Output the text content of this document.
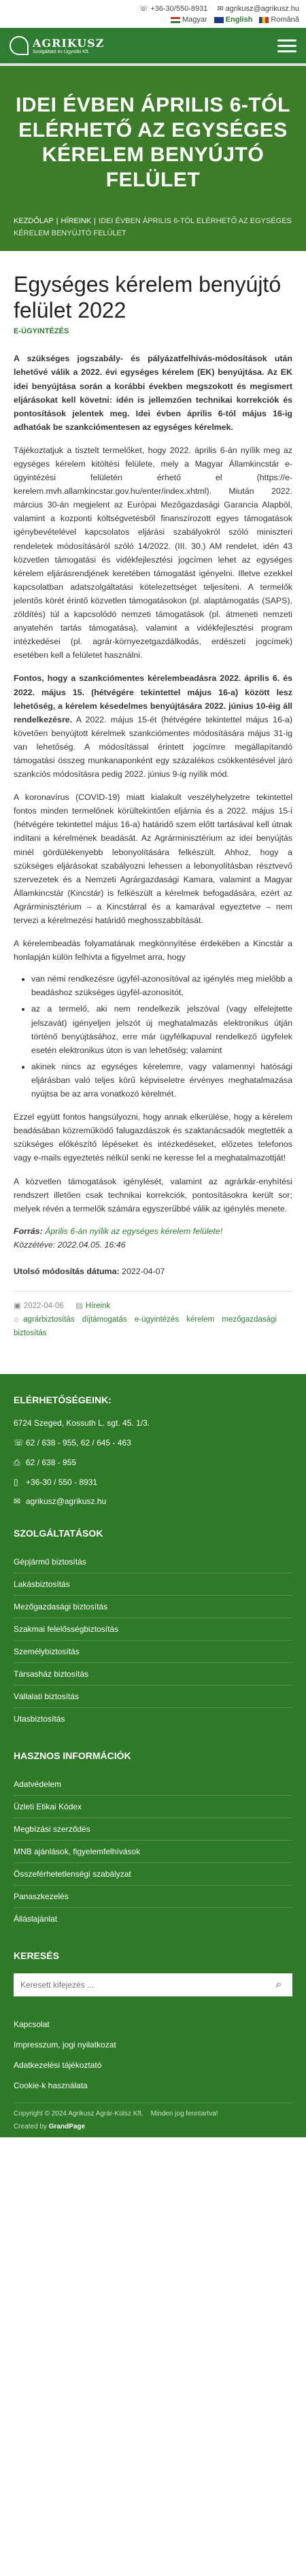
☏ +36-30/550-8931 ✉ agrikusz@agrikusz.hu
Magyar	English	Română
AGRIKUSZ
Szolgáltató és Ügynöki Kft.
IDEI ÉVBEN ÁPRILIS 6-TÓL ELÉRHETŐ AZ EGYSÉGES KÉRELEM BENYÚJTÓ FELÜLET
KEZDŐLAP | HÍREINK | IDEI ÉVBEN ÁPRILIS 6-TÓL ELÉRHETŐ AZ EGYSÉGES KÉRELEM BENYÚJTÓ FELÜLET
Egységes kérelem benyújtó felület 2022
E-ÜGYINTÉZÉS

A szükséges jogszabály- és pályázatfelhívás-módosítások után lehetővé válik a 2022. évi egységes kérelem (EK) benyújtása. Az EK idei benyújtása során a korábbi években megszokott és megismert eljárásokat kell követni: idén is jellemzően technikai korrekciók és pontosítások jelentek meg. Idei évben április 6-tól május 16-ig adhatóak be szankciómentesen az egységes kérelmek.

Tájékoztatjuk a tisztelt termelőket, hogy 2022. április 6-án nyílik meg az egységes kérelem kitöltési felülete, mely a Magyar Államkincstár e-ügyintézési felületén érhető el (https://e-kerelem.mvh.allamkincstar.gov.hu/enter/index.xhtml). Miután 2022. március 30-án megjelent az Európai Mezőgazdasági Garancia Alapból, valamint a kozponti költségvetésből finanszírozott egyes támogatások igénybevételével kapcsolatos eljárási szabályokról szóló miniszteri rendeletek módosításáról szóló 14/2022. (III. 30.) AM rendelet, idén 43 közvetlen támogatási és vidékfejlesztési jogcímen lehet az egységes kérelem eljárásrendjének keretében támogatást igényelni. Illetve ezekkel kapcsolatban adatszolgáltatási kötelezettséget teljesíteni. A termelők jelentős körét érintő közvetlen támogatásokon (pl. alaptámogatás (SAPS), zöldítés) túl a kapcsolódó nemzeti támogatások (pl. átmeneti nemzeti anyatehén tartás támogatása), valamint a vidékfejlesztési program intézkedései (pl. agrár-környezetgazdálkodás, erdészeti jogcímek) esetében kell a felületet használni.

Fontos, hogy a szankciómentes kérelembeadásra 2022. április 6. és 2022. május 15. (hétvégére tekintettel május 16-a) között lesz lehetőség, a kérelem késedelmes benyújtására 2022. június 10-éig áll rendelkezésre. A 2022. május 15-ét (hétvégére tekintettel május 16-a) követően benyújtott kérelmek szankciómentes módosítására május 31-ig van lehetőség. A módosítással érintett jogcímre megállapítandó támogatási összeg munkanaponként egy százalékos csökkentésével járó szankciós módosításra pedig 2022. június 9-ig nyílik mód.

A koronavírus (COVID-19) miatt kialakult veszélyhelyzetre tekintettel fontos minden termelőnek körültekintően eljárnia és a 2022. május 15-i (hétvégére tekintettel május 16-a) határidő szem előtt tartásával kell útnak indítani a kérelmének beadását. Az Agrárminisztérium az idei benyújtás minél gördülékenyebb lebonyolítására felkészült. Ahhoz, hogy a szükséges eljárásokat szabályozni lehessen a lebonyolításban résztvevő szervezetek és a Nemzeti Agrárgazdasági Kamara, valamint a Magyar Államkincstár (Kincstár) is felkészült a kérelmek befogadására, ezért az Agrárminisztérium – a Kincstárral és a kamarával egyeztetve – nem tervezi a kérelmezési határidő meghosszabbítását.

A kérelembeadás folyamatának megkönnyítése érdekében a Kincstár a honlapján külön felhívta a figyelmet arra, hogy

• van némi rendkezésre ügyfél-azonosítóval az igénylés meg mielőbb a beadáshoz szükséges ügyfél-azonosítót,
• az a termelő, aki nem rendelkezik jelszóval (vagy elfelejtette jelszavát) igényeljen jelszót új meghatalmazás elektronikus útján történő benyújtásához, erre már ügyfélkapuval rendelkező ügyfelek esetén elektronikus úton is van lehetőség; valamint
• akinek nincs az egységes kérelemre, vagy valamennyi hatósági eljárásban való teljes körű képviseletre érvényes meghatalmazása nyújtsa be az arra vonatkozó kérelmét.

Ezzel együtt fontos hangsúlyozni, hogy annak elkerülése, hogy a kérelem beadásában közreműködő falugazdászok és szaktanácsadók megtették a szükséges előkészítő lépéseket és intézkedéseket, előzetes telefonos vagy e-mails egyeztetés nélkül senki ne keresse fel a meghatalmazottját!

A közvetlen támogatások igénylését, valamint az agrárkár-enyhítési rendszert illetően csak technikai korrekciók, pontosításokra került sor; melyek révén a termelők számára egyszerűbbé válik az igénylés menete.

Forrás: Április 6-án nyílik az egységes kérelem felülete!
Közzétéve: 2022.04.05. 16:46
Utolsó módosítás dátuma: 2022-04-07
▣ 2022-04-06 ▤ Híreink
⌂ agrárbiztosítás díjtámogatás e-ügyintézés kérelem mezőgazdasági biztosítás
ELÉRHETŐSÉGEINK:
6724 Szeged, Kossuth L. sgt. 45. 1/3.
☏ 62 / 638 - 955, 62 / 645 - 463
⎙ 62 / 638 - 955
▯ +36-30 / 550 - 8931
✉ agrikusz@agrikusz.hu
SZOLGÁLTATÁSOK
Gépjármű biztosítás
Lakásbiztosítás
Mezőgazdasági biztosítás
Szakmai felelősségbiztosítás
Személybiztosítás
Társasház biztosítás
Vállalati biztosítás
Utasbiztosítás
HASZNOS INFORMÁCIÓK
Adatvédelem
Üzleti Etikai Kódex
Megbízási szerződés
MNB ajánlások, figyelemfelhívások
Összeférhetetlenségi szabályzat
Panaszkezelés
Álláslajánlat
KERESÉS
Keresett kifejezés ...
⌕
Kapcsolat
Impresszum, jogi nyilatkozat
Adatkezelési tájékoztató
Cookie-k használata
Copyright © 2024 Agrikusz Agrár-Külsz Kft. Minden jog fenntartva!
Created by GrandPage
